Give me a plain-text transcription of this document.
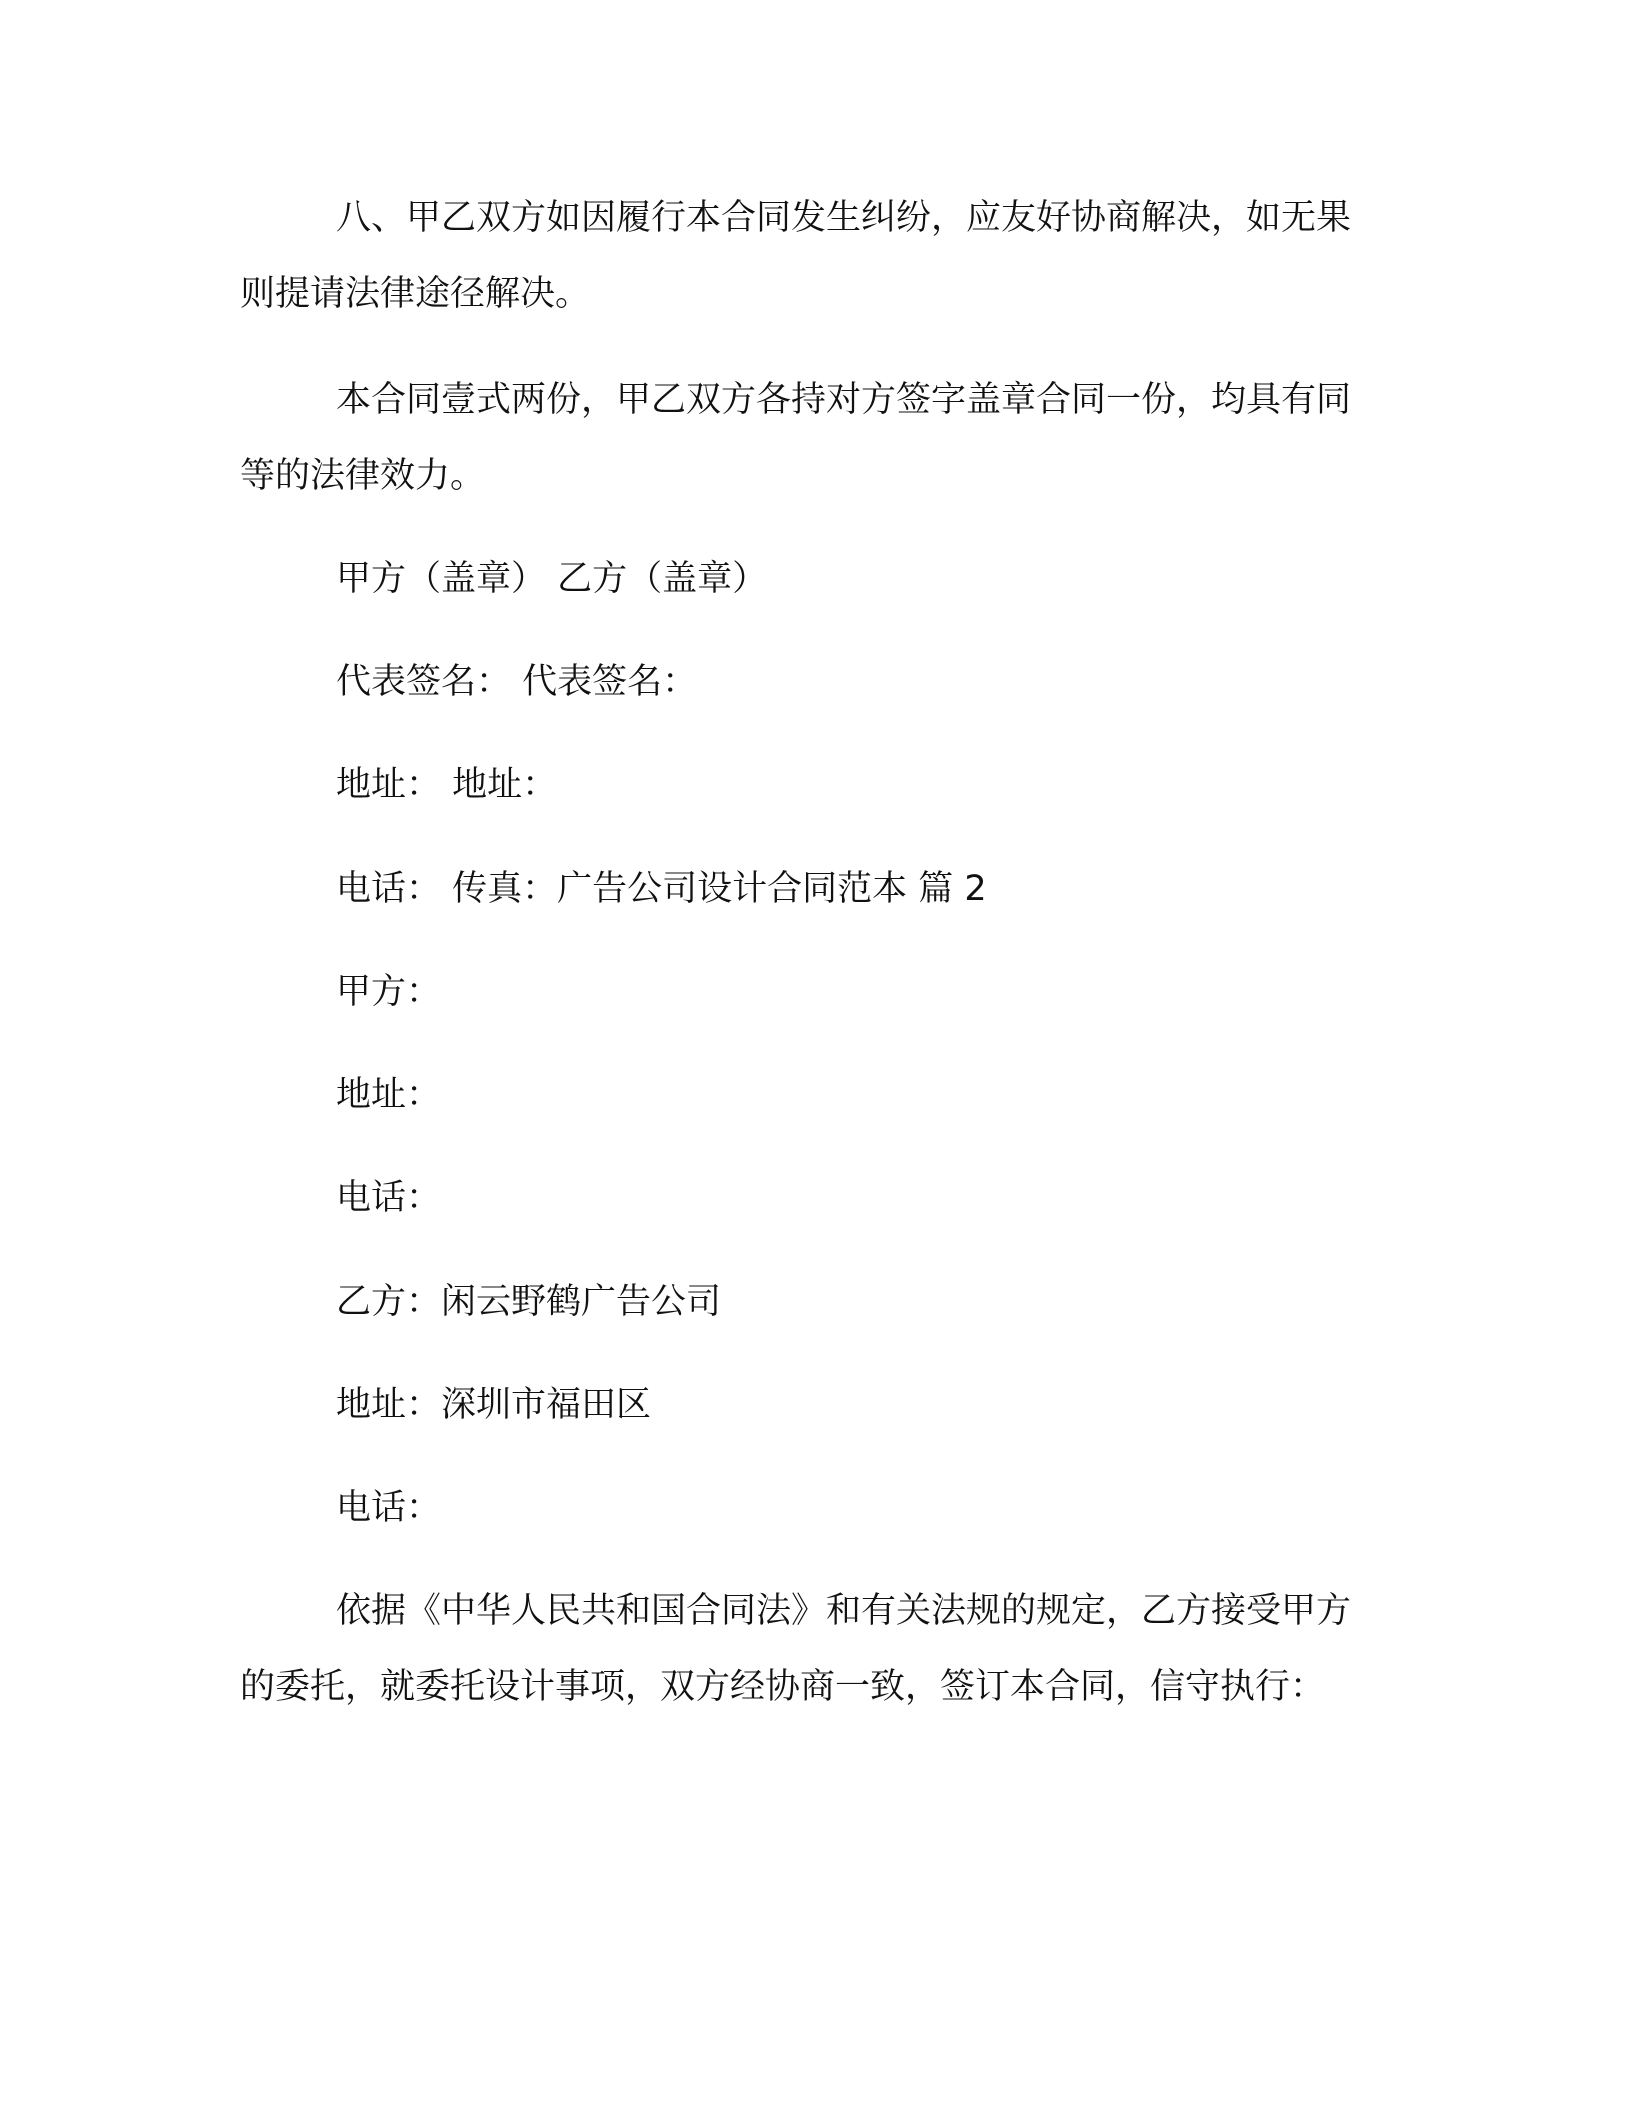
八、甲乙双方如因履行本合同发生纠纷，应友好协商解决，如无果则提请法律途径解决。

本合同壹式两份，甲乙双方各持对方签字盖章合同一份，均具有同等的法律效力。

甲方（盖章） 乙方（盖章）

代表签名： 代表签名：

地址： 地址：

电话： 传真：广告公司设计合同范本 篇 2

甲方：

地址：

电话：

乙方：闲云野鹤广告公司

地址：深圳市福田区

电话：

依据《中华人民共和国合同法》和有关法规的规定，乙方接受甲方的委托，就委托设计事项，双方经协商一致，签订本合同，信守执行：
